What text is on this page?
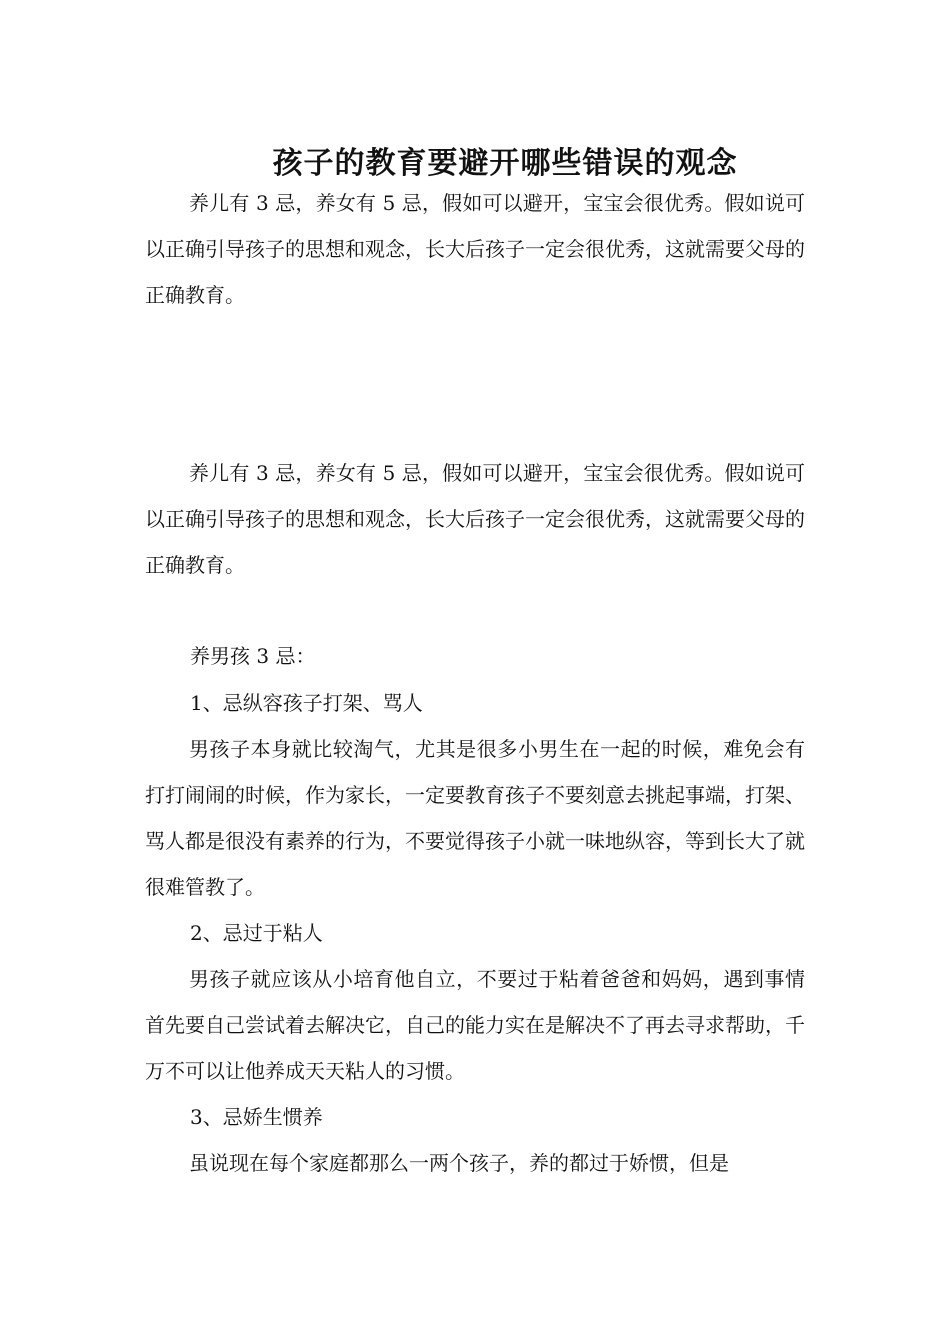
孩子的教育要避开哪些错误的观念

养儿有 3 忌，养女有 5 忌，假如可以避开，宝宝会很优秀。假如说可以正确引导孩子的思想和观念，长大后孩子一定会很优秀，这就需要父母的正确教育。

养儿有 3 忌，养女有 5 忌，假如可以避开，宝宝会很优秀。假如说可以正确引导孩子的思想和观念，长大后孩子一定会很优秀，这就需要父母的正确教育。

养男孩 3 忌：

1、忌纵容孩子打架、骂人

男孩子本身就比较淘气，尤其是很多小男生在一起的时候，难免会有打打闹闹的时候，作为家长，一定要教育孩子不要刻意去挑起事端，打架、骂人都是很没有素养的行为，不要觉得孩子小就一味地纵容，等到长大了就很难管教了。

2、忌过于粘人

男孩子就应该从小培育他自立，不要过于粘着爸爸和妈妈，遇到事情首先要自己尝试着去解决它，自己的能力实在是解决不了再去寻求帮助，千万不可以让他养成天天粘人的习惯。

3、忌娇生惯养

虽说现在每个家庭都那么一两个孩子，养的都过于娇惯，但是
